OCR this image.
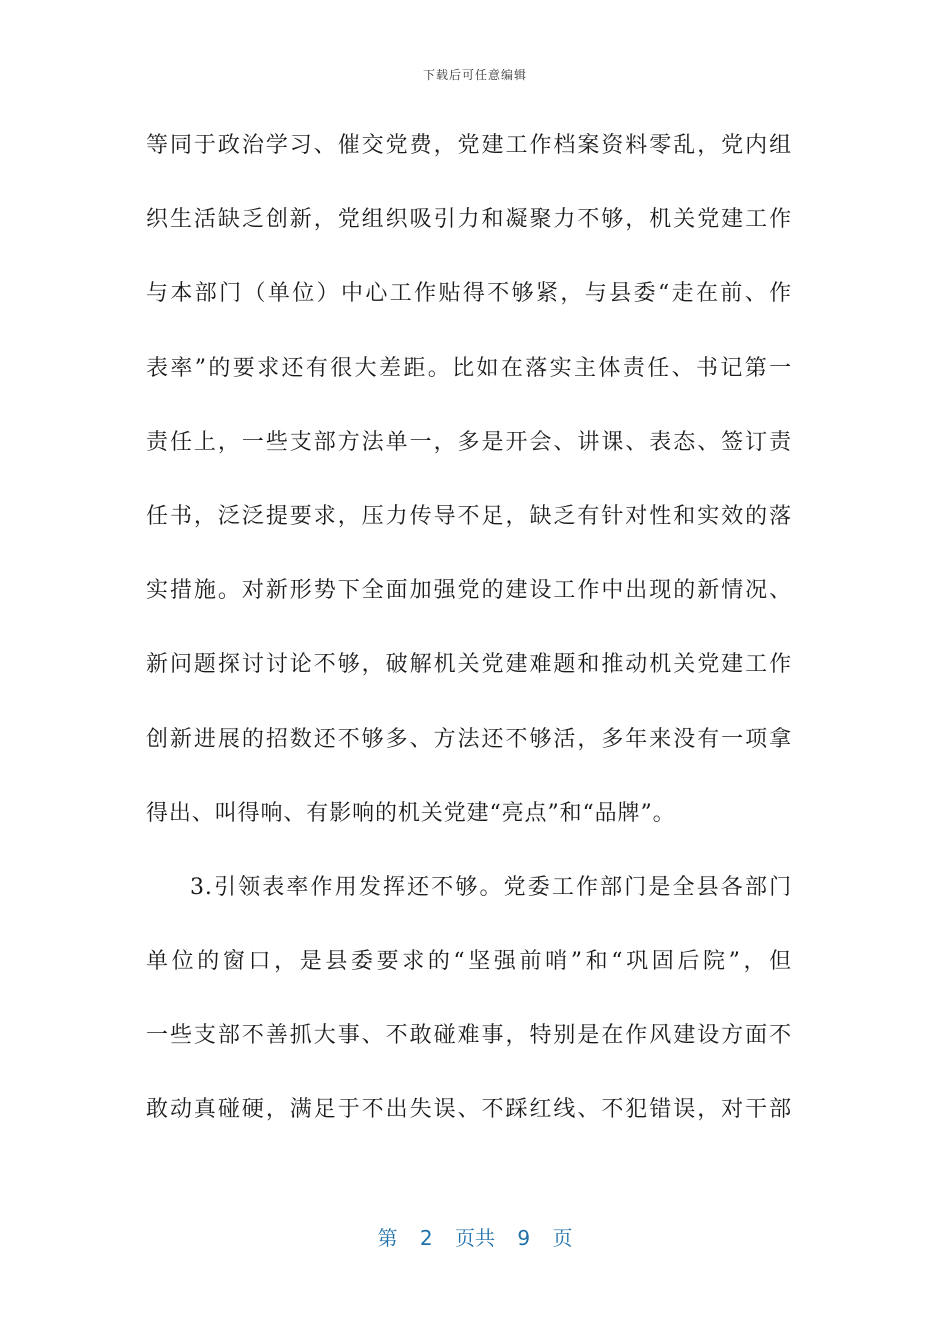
下载后可任意编辑
等同于政治学习、催交党费，党建工作档案资料零乱，党内组
织生活缺乏创新，党组织吸引力和凝聚力不够，机关党建工作
与本部门（单位）中心工作贴得不够紧，与县委“走在前、作
表率”的要求还有很大差距。比如在落实主体责任、书记第一
责任上，一些支部方法单一，多是开会、讲课、表态、签订责
任书，泛泛提要求，压力传导不足，缺乏有针对性和实效的落
实措施。对新形势下全面加强党的建设工作中出现的新情况、
新问题探讨讨论不够，破解机关党建难题和推动机关党建工作
创新进展的招数还不够多、方法还不够活，多年来没有一项拿
得出、叫得响、有影响的机关党建“亮点”和“品牌”。
3.引领表率作用发挥还不够。党委工作部门是全县各部门
单位的窗口，是县委要求的“坚强前哨”和“巩固后院”，但
一些支部不善抓大事、不敢碰难事，特别是在作风建设方面不
敢动真碰硬，满足于不出失误、不踩红线、不犯错误，对干部
第 2 页共 9 页
